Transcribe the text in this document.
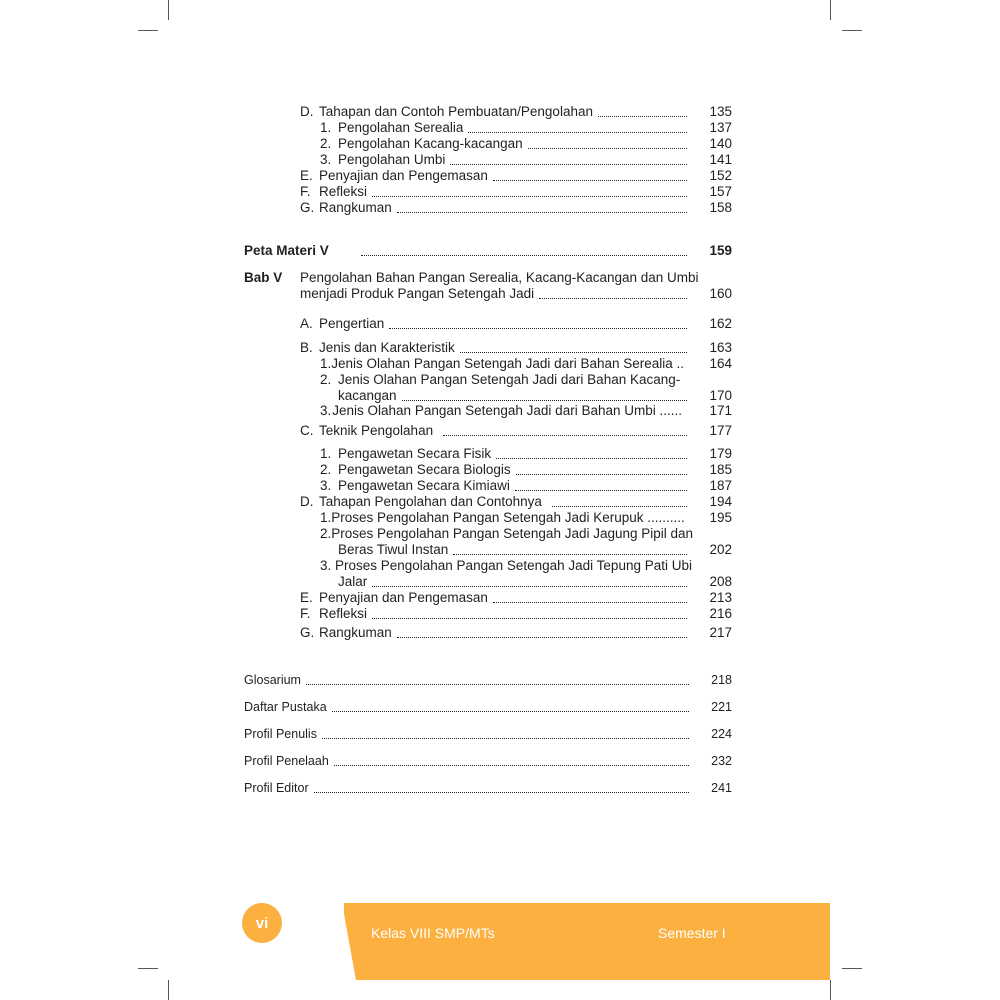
D. Tahapan dan Contoh Pembuatan/Pengolahan	135
1. Pengolahan Serealia	137
2. Pengolahan Kacang-kacangan	140
3. Pengolahan Umbi	141
E. Penyajian dan Pengemasan	152
F. Refleksi	157
G. Rangkuman	158
Peta Materi V	159
Bab V Pengolahan Bahan Pangan Serealia, Kacang-Kacangan dan Umbi
menjadi Produk Pangan Setengah Jadi	160
A. Pengertian	162
B. Jenis dan Karakteristik	163
1. Jenis Olahan Pangan Setengah Jadi dari Bahan Serealia ..	164
2. Jenis Olahan Pangan Setengah Jadi dari Bahan Kacang-
kacangan	170
3. Jenis Olahan Pangan Setengah Jadi dari Bahan Umbi ......	171
C. Teknik Pengolahan	177
1. Pengawetan Secara Fisik	179
2. Pengawetan Secara Biologis	185
3. Pengawetan Secara Kimiawi	187
D. Tahapan Pengolahan dan Contohnya	194
1. Proses Pengolahan Pangan Setengah Jadi Kerupuk ..........	195
2. Proses Pengolahan Pangan Setengah Jadi Jagung Pipil dan
Beras Tiwul Instan	202
3. Proses Pengolahan Pangan Setengah Jadi Tepung Pati Ubi
Jalar	208
E. Penyajian dan Pengemasan	213
F. Refleksi	216
G. Rangkuman	217
Glosarium	218
Daftar Pustaka	221
Profil Penulis	224
Profil Penelaah	232
Profil Editor	241
vi
Kelas VIII SMP/MTs	Semester I
